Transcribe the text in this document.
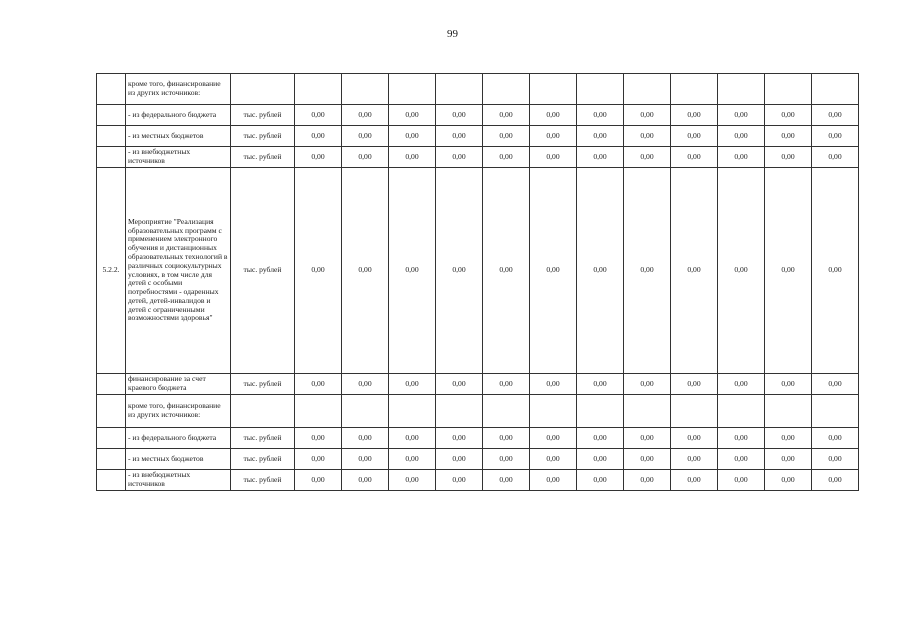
99
	кроме того, финансирование из других источников:													
	- из федерального бюджета	тыс. рублей	0,00	0,00	0,00	0,00	0,00	0,00	0,00	0,00	0,00	0,00	0,00	0,00
	- из местных бюджетов	тыс. рублей	0,00	0,00	0,00	0,00	0,00	0,00	0,00	0,00	0,00	0,00	0,00	0,00
	- из внебюджетных источников	тыс. рублей	0,00	0,00	0,00	0,00	0,00	0,00	0,00	0,00	0,00	0,00	0,00	0,00
5.2.2.	Мероприятие "Реализация образовательных программ с применением электронного обучения и дистанционных образовательных технологий в различных социокультурных условиях, в том числе для детей с особыми потребностями - одаренных детей, детей-инвалидов и детей с ограниченными возможностями здоровья"	тыс. рублей	0,00	0,00	0,00	0,00	0,00	0,00	0,00	0,00	0,00	0,00	0,00	0,00
	финансирование за счет краевого бюджета	тыс. рублей	0,00	0,00	0,00	0,00	0,00	0,00	0,00	0,00	0,00	0,00	0,00	0,00
	кроме того, финансирование из других источников:													
	- из федерального бюджета	тыс. рублей	0,00	0,00	0,00	0,00	0,00	0,00	0,00	0,00	0,00	0,00	0,00	0,00
	- из местных бюджетов	тыс. рублей	0,00	0,00	0,00	0,00	0,00	0,00	0,00	0,00	0,00	0,00	0,00	0,00
	- из внебюджетных источников	тыс. рублей	0,00	0,00	0,00	0,00	0,00	0,00	0,00	0,00	0,00	0,00	0,00	0,00
